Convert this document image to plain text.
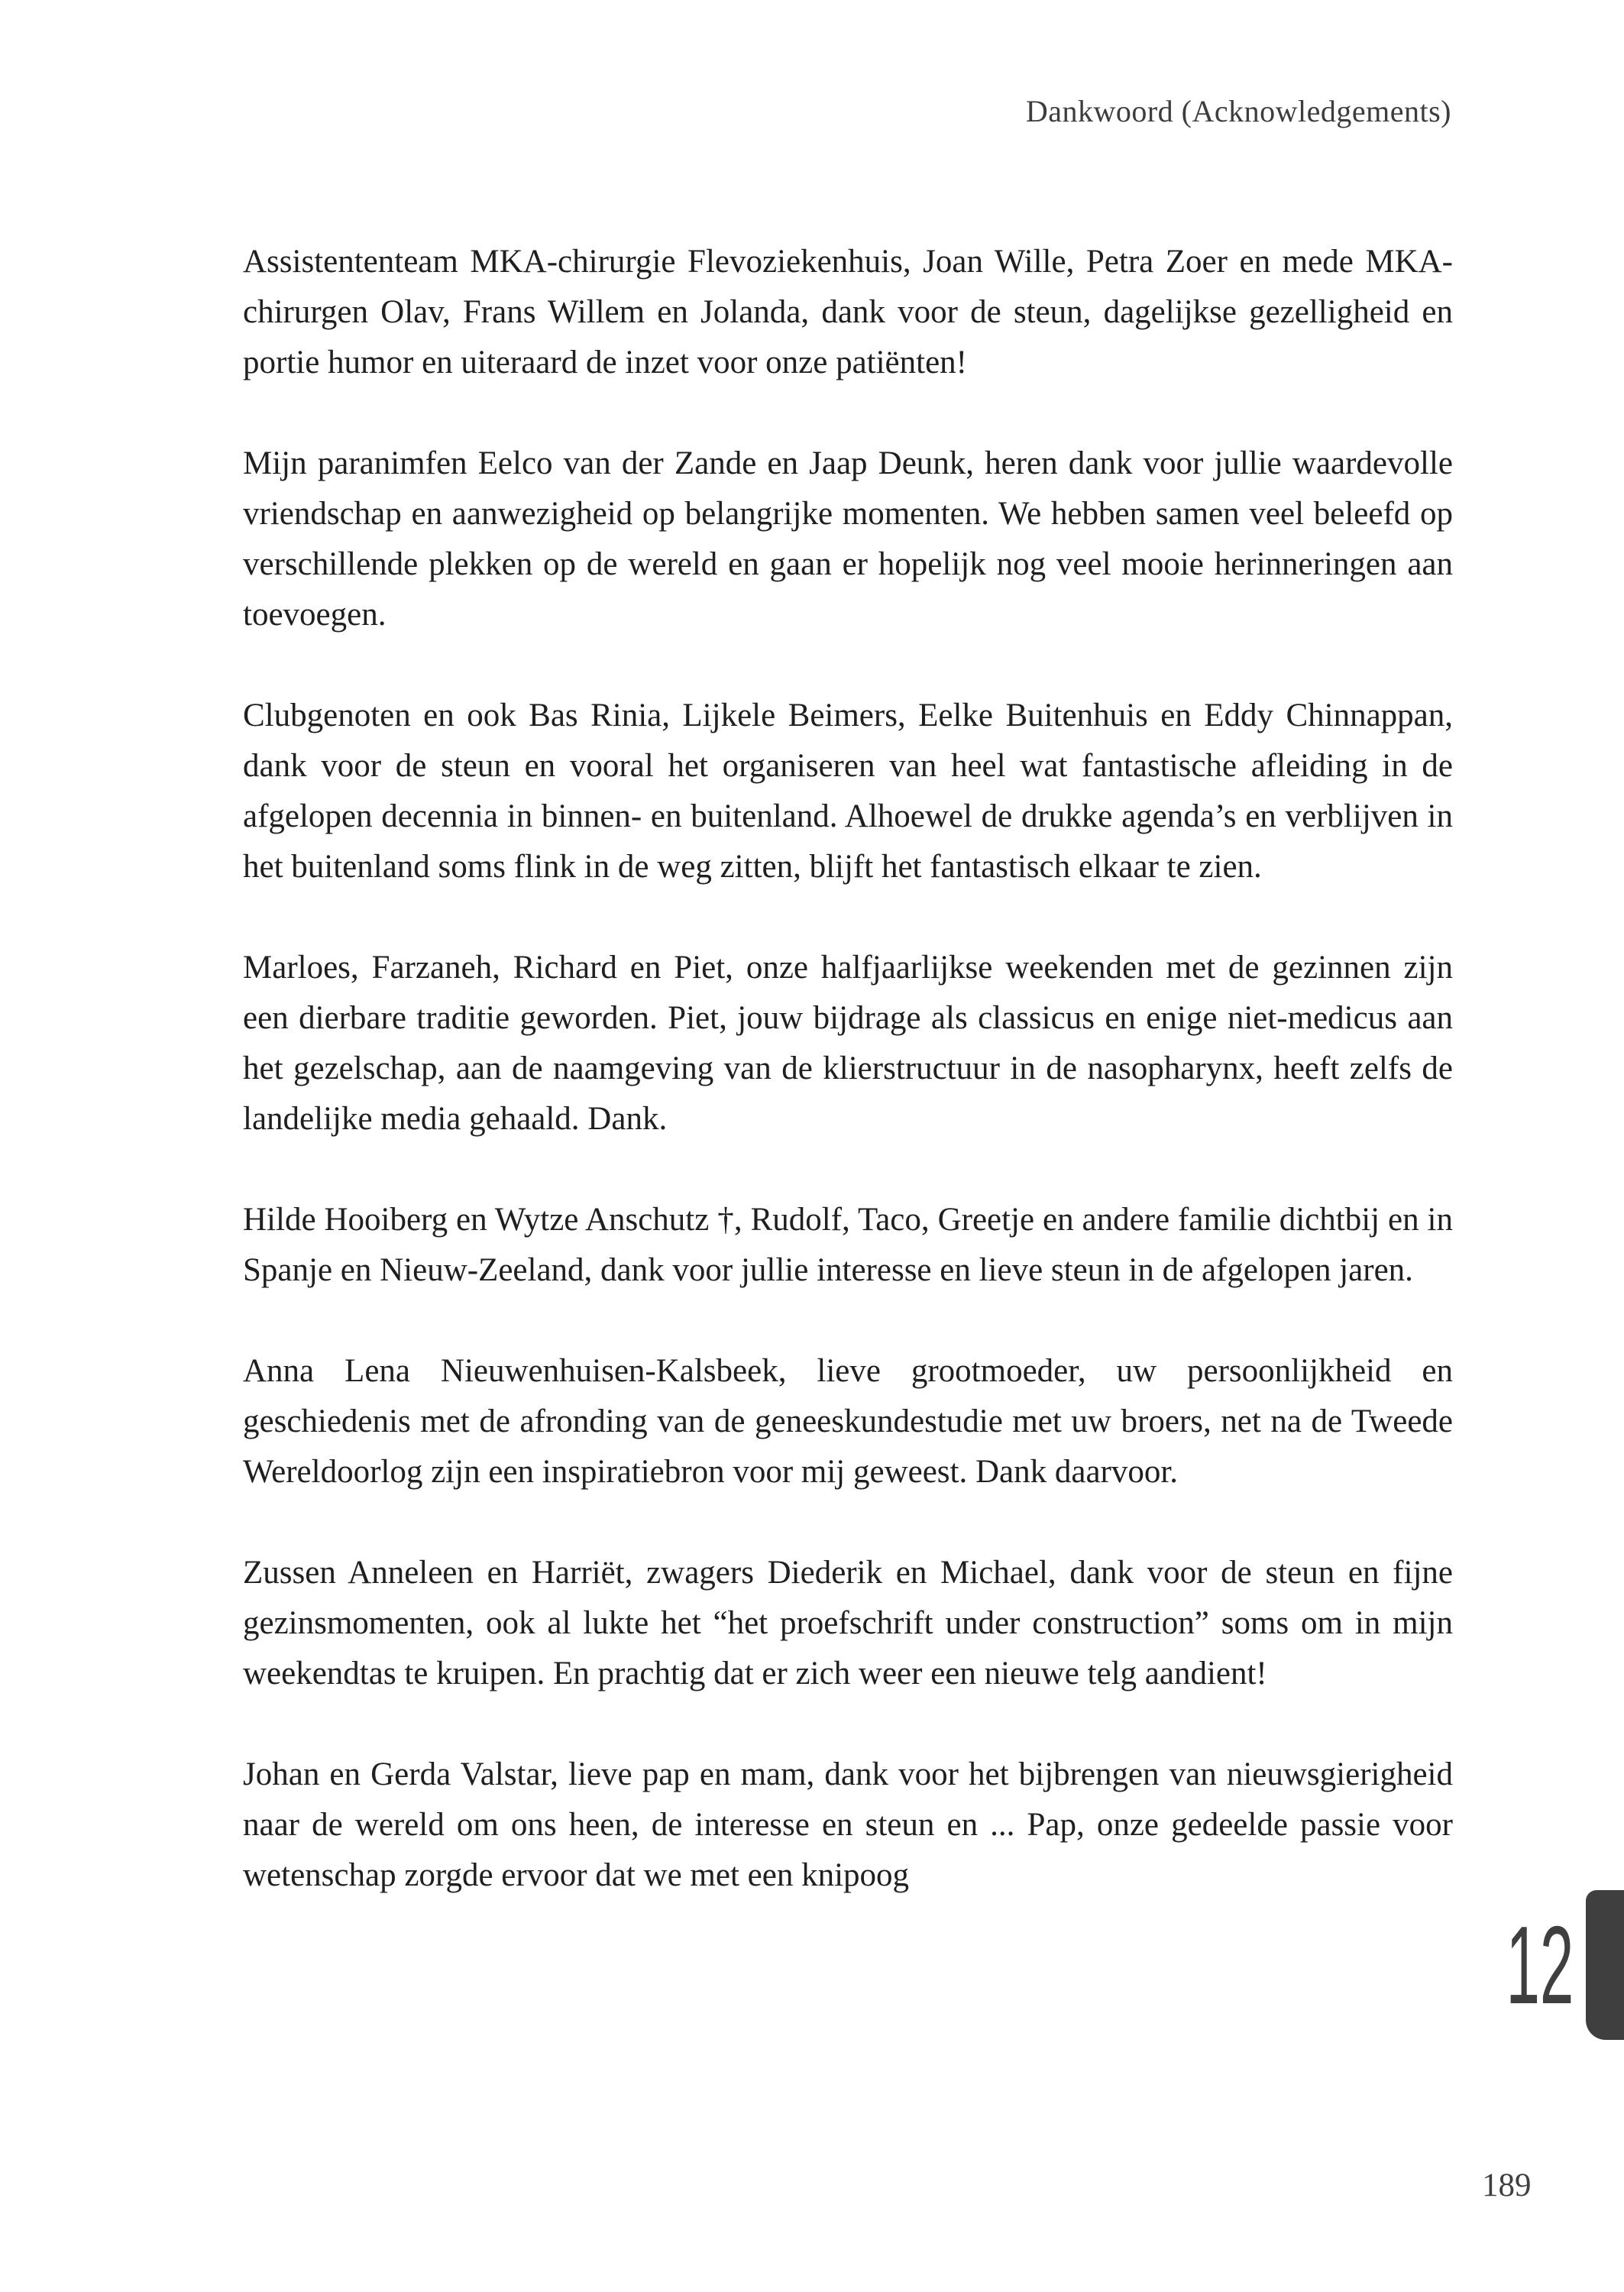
Dankwoord (Acknowledgements)

Assistententeam MKA-chirurgie Flevoziekenhuis, Joan Wille, Petra Zoer en mede MKA-chirurgen Olav, Frans Willem en Jolanda, dank voor de steun, dagelijkse gezelligheid en portie humor en uiteraard de inzet voor onze patiënten!

Mijn paranimfen Eelco van der Zande en Jaap Deunk, heren dank voor jullie waardevolle vriendschap en aanwezigheid op belangrijke momenten. We hebben samen veel beleefd op verschillende plekken op de wereld en gaan er hopelijk nog veel mooie herinneringen aan toevoegen.

Clubgenoten en ook Bas Rinia, Lijkele Beimers, Eelke Buitenhuis en Eddy Chinnappan, dank voor de steun en vooral het organiseren van heel wat fantastische afleiding in de afgelopen decennia in binnen- en buitenland. Alhoewel de drukke agenda’s en verblijven in het buitenland soms flink in de weg zitten, blijft het fantastisch elkaar te zien.

Marloes, Farzaneh, Richard en Piet, onze halfjaarlijkse weekenden met de gezinnen zijn een dierbare traditie geworden. Piet, jouw bijdrage als classicus en enige niet-medicus aan het gezelschap, aan de naamgeving van de klierstructuur in de nasopharynx, heeft zelfs de landelijke media gehaald. Dank.

Hilde Hooiberg en Wytze Anschutz †, Rudolf, Taco, Greetje en andere familie dichtbij en in Spanje en Nieuw-Zeeland, dank voor jullie interesse en lieve steun in de afgelopen jaren.

Anna Lena Nieuwenhuisen-Kalsbeek, lieve grootmoeder, uw persoonlijkheid en geschiedenis met de afronding van de geneeskundestudie met uw broers, net na de Tweede Wereldoorlog zijn een inspiratiebron voor mij geweest. Dank daarvoor.

Zussen Anneleen en Harriët, zwagers Diederik en Michael, dank voor de steun en fijne gezinsmomenten, ook al lukte het “het proefschrift under construction” soms om in mijn weekendtas te kruipen. En prachtig dat er zich weer een nieuwe telg aandient!

Johan en Gerda Valstar, lieve pap en mam, dank voor het bijbrengen van nieuwsgierigheid naar de wereld om ons heen, de interesse en steun en ... Pap, onze gedeelde passie voor wetenschap zorgde ervoor dat we met een knipoog

12
189
